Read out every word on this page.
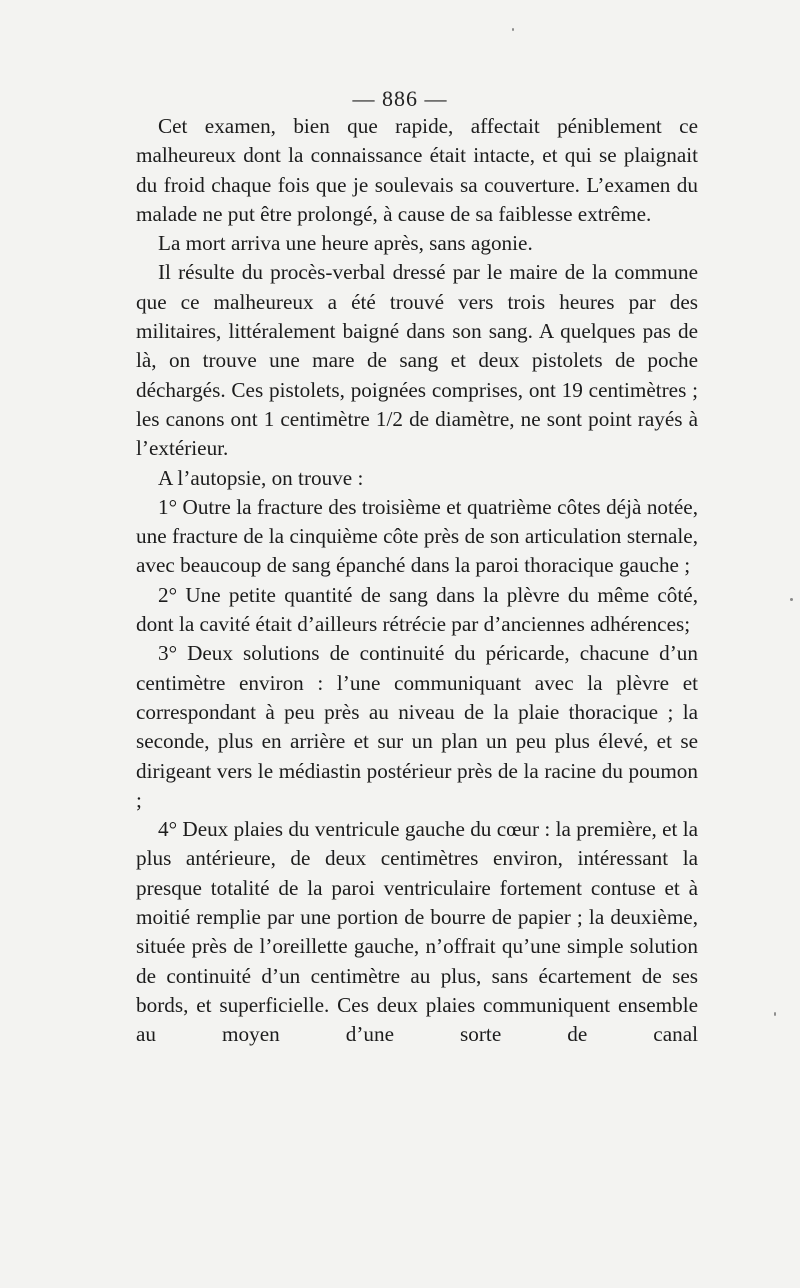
— 886 —

Cet examen, bien que rapide, affectait péniblement ce malheureux dont la connaissance était intacte, et qui se plaignait du froid chaque fois que je soulevais sa couverture. L’examen du malade ne put être prolongé, à cause de sa faiblesse extrême.

La mort arriva une heure après, sans agonie.

Il résulte du procès-verbal dressé par le maire de la commune que ce malheureux a été trouvé vers trois heures par des militaires, littéralement baigné dans son sang. A quelques pas de là, on trouve une mare de sang et deux pistolets de poche déchargés. Ces pistolets, poignées comprises, ont 19 centimètres ; les canons ont 1 centimètre 1/2 de diamètre, ne sont point rayés à l’extérieur.

A l’autopsie, on trouve :

1° Outre la fracture des troisième et quatrième côtes déjà notée, une fracture de la cinquième côte près de son articulation sternale, avec beaucoup de sang épanché dans la paroi thoracique gauche ;

2° Une petite quantité de sang dans la plèvre du même côté, dont la cavité était d’ailleurs rétrécie par d’anciennes adhérences;

3° Deux solutions de continuité du péricarde, chacune d’un centimètre environ : l’une communiquant avec la plèvre et correspondant à peu près au niveau de la plaie thoracique ; la seconde, plus en arrière et sur un plan un peu plus élevé, et se dirigeant vers le médiastin postérieur près de la racine du poumon ;

4° Deux plaies du ventricule gauche du cœur : la première, et la plus antérieure, de deux centimètres environ, intéressant la presque totalité de la paroi ventriculaire fortement contuse et à moitié remplie par une portion de bourre de papier ; la deuxième, située près de l’oreillette gauche, n’offrait qu’une simple solution de continuité d’un centimètre au plus, sans écartement de ses bords, et superficielle. Ces deux plaies communiquent ensemble au moyen d’une sorte de canal
